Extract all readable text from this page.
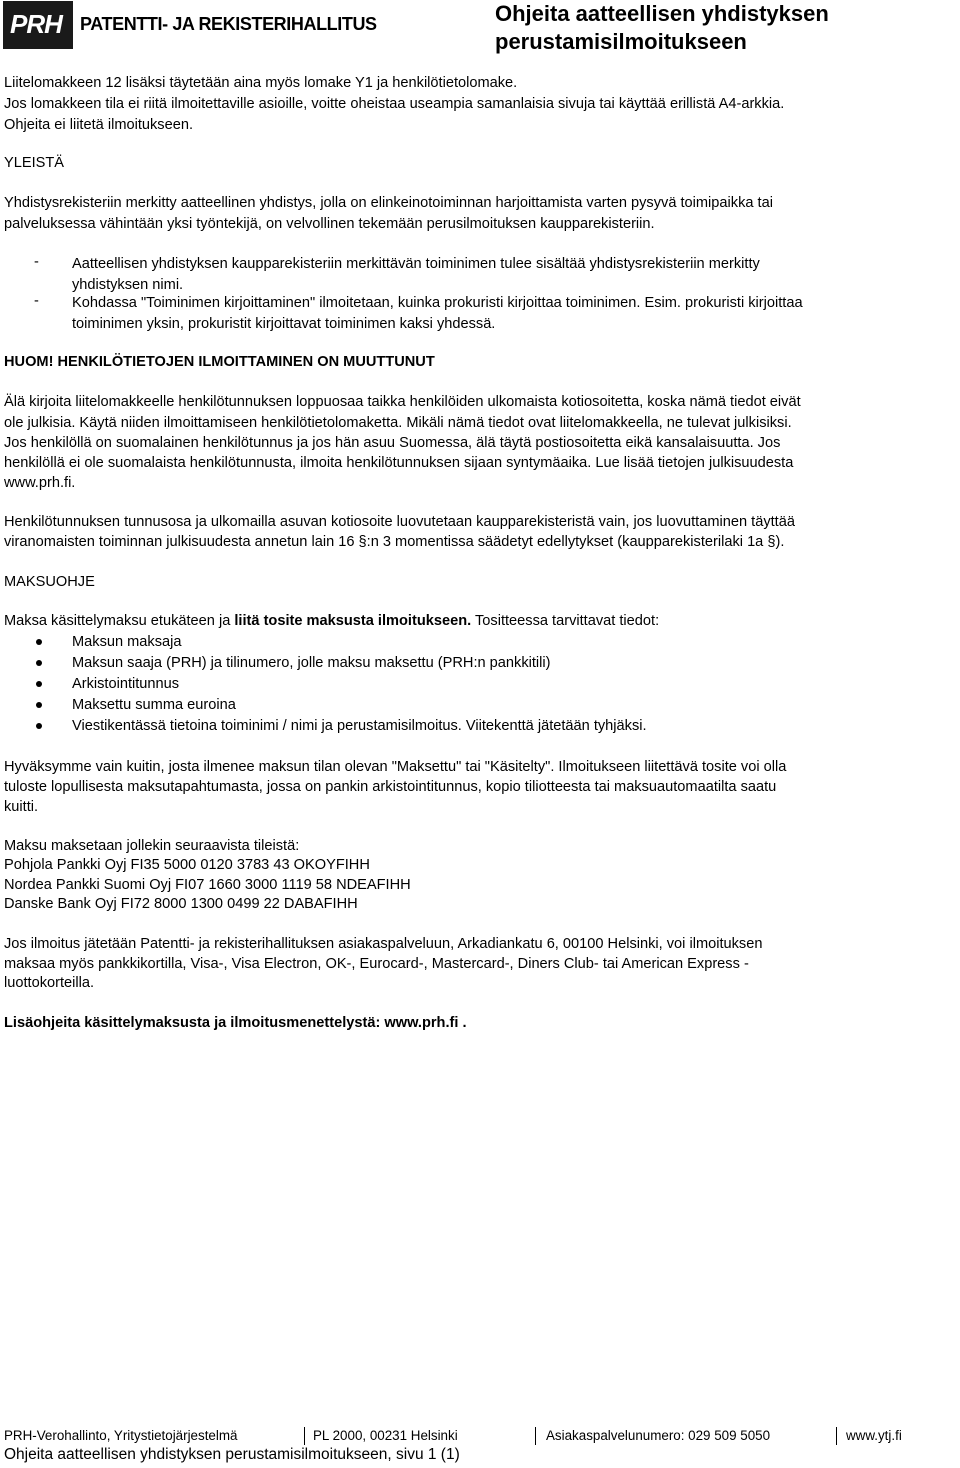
PRH PATENTTI- JA REKISTERIHALLITUS	Ohjeita aatteellisen yhdistyksen
perustamisilmoitukseen
Liitelomakkeen 12 lisäksi täytetään aina myös lomake Y1 ja henkilötietolomake.
Jos lomakkeen tila ei riitä ilmoitettaville asioille, voitte oheistaa useampia samanlaisia sivuja tai käyttää erillistä A4-arkkia.
Ohjeita ei liitetä ilmoitukseen.
YLEISTÄ
Yhdistysrekisteriin merkitty aatteellinen yhdistys, jolla on elinkeinotoiminnan harjoittamista varten pysyvä toimipaikka tai
palveluksessa vähintään yksi työntekijä, on velvollinen tekemään perusilmoituksen kaupparekisteriin.
- Aatteellisen yhdistyksen kaupparekisteriin merkittävän toiminimen tulee sisältää yhdistysrekisteriin merkitty
yhdistyksen nimi.
- Kohdassa "Toiminimen kirjoittaminen" ilmoitetaan, kuinka prokuristi kirjoittaa toiminimen. Esim. prokuristi kirjoittaa
toiminimen yksin, prokuristit kirjoittavat toiminimen kaksi yhdessä.
HUOM! HENKILÖTIETOJEN ILMOITTAMINEN ON MUUTTUNUT
Älä kirjoita liitelomakkeelle henkilötunnuksen loppuosaa taikka henkilöiden ulkomaista kotiosoitetta, koska nämä tiedot eivät
ole julkisia. Käytä niiden ilmoittamiseen henkilötietolomaketta. Mikäli nämä tiedot ovat liitelomakkeella, ne tulevat julkisiksi.
Jos henkilöllä on suomalainen henkilötunnus ja jos hän asuu Suomessa, älä täytä postiosoitetta eikä kansalaisuutta. Jos
henkilöllä ei ole suomalaista henkilötunnusta, ilmoita henkilötunnuksen sijaan syntymäaika. Lue lisää tietojen julkisuudesta
www.prh.fi.
Henkilötunnuksen tunnusosa ja ulkomailla asuvan kotiosoite luovutetaan kaupparekisteristä vain, jos luovuttaminen täyttää
viranomaisten toiminnan julkisuudesta annetun lain 16 §:n 3 momentissa säädetyt edellytykset (kaupparekisterilaki 1a §).
MAKSUOHJE
Maksa käsittelymaksu etukäteen ja liitä tosite maksusta ilmoitukseen. Tositteessa tarvittavat tiedot:
Maksun maksaja
Maksun saaja (PRH) ja tilinumero, jolle maksu maksettu (PRH:n pankkitili)
Arkistointitunnus
Maksettu summa euroina
Viestikentässä tietoina toiminimi / nimi ja perustamisilmoitus. Viitekenttä jätetään tyhjäksi.
Hyväksymme vain kuitin, josta ilmenee maksun tilan olevan "Maksettu" tai "Käsitelty". Ilmoitukseen liitettävä tosite voi olla
tuloste lopullisesta maksutapahtumasta, jossa on pankin arkistointitunnus, kopio tiliotteesta tai maksuautomaatilta saatu
kuitti.
Maksu maksetaan jollekin seuraavista tileistä:
Pohjola Pankki Oyj FI35 5000 0120 3783 43 OKOYFIHH
Nordea Pankki Suomi Oyj FI07 1660 3000 1119 58 NDEAFIHH
Danske Bank Oyj FI72 8000 1300 0499 22 DABAFIHH
Jos ilmoitus jätetään Patentti- ja rekisterihallituksen asiakaspalveluun, Arkadiankatu 6, 00100 Helsinki, voi ilmoituksen
maksaa myös pankkikortilla, Visa-, Visa Electron, OK-, Eurocard-, Mastercard-, Diners Club- tai American Express -
luottokorteilla.
Lisäohjeita käsittelymaksusta ja ilmoitusmenettelystä: www.prh.fi .
PRH-Verohallinto, Yritystietojärjestelmä	PL 2000, 00231 Helsinki	Asiakaspalvelunumero: 029 509 5050	www.ytj.fi
Ohjeita aatteellisen yhdistyksen perustamisilmoitukseen, sivu 1 (1)
